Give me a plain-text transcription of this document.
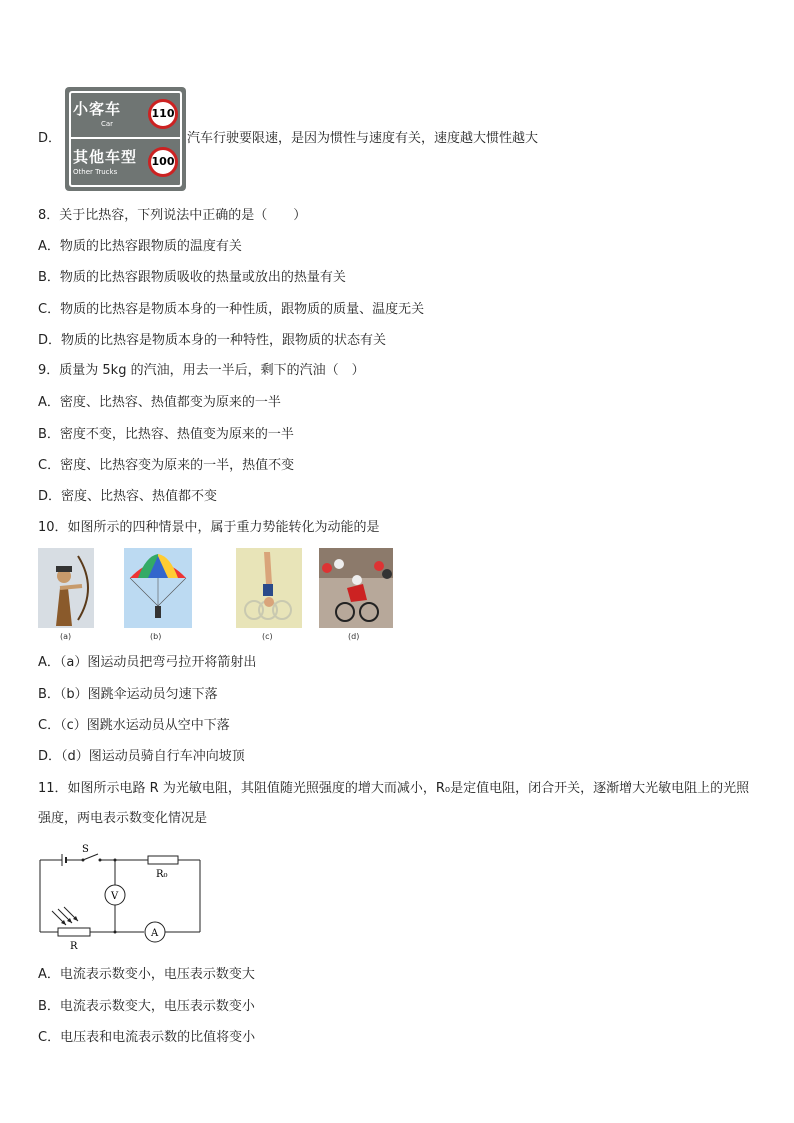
D．
小客车
Car
110
其他车型
Other Trucks
100
汽车行驶要限速，是因为惯性与速度有关，速度越大惯性越大
8．关于比热容，下列说法中正确的是（　　）
A．物质的比热容跟物质的温度有关
B．物质的比热容跟物质吸收的热量或放出的热量有关
C．物质的比热容是物质本身的一种性质，跟物质的质量、温度无关
D．物质的比热容是物质本身的一种特性，跟物质的状态有关
9．质量为 5kg 的汽油，用去一半后，剩下的汽油（　）
A．密度、比热容、热值都变为原来的一半
B．密度不变，比热容、热值变为原来的一半
C．密度、比热容变为原来的一半，热值不变
D．密度、比热容、热值都不变
10．如图所示的四种情景中，属于重力势能转化为动能的是
(a)	(b)	(c)	(d)
A．（a）图运动员把弯弓拉开将箭射出
B．（b）图跳伞运动员匀速下落
C．（c）图跳水运动员从空中下落
D．（d）图运动员骑自行车冲向坡顶
11．如图所示电路 R 为光敏电阻，其阻值随光照强度的增大而减小，R₀是定值电阻，闭合开关，逐渐增大光敏电阻上的光照强度，两电表示数变化情况是
S
R₀
V
A
R
A．电流表示数变小，电压表示数变大
B．电流表示数变大，电压表示数变小
C．电压表和电流表示数的比值将变小
